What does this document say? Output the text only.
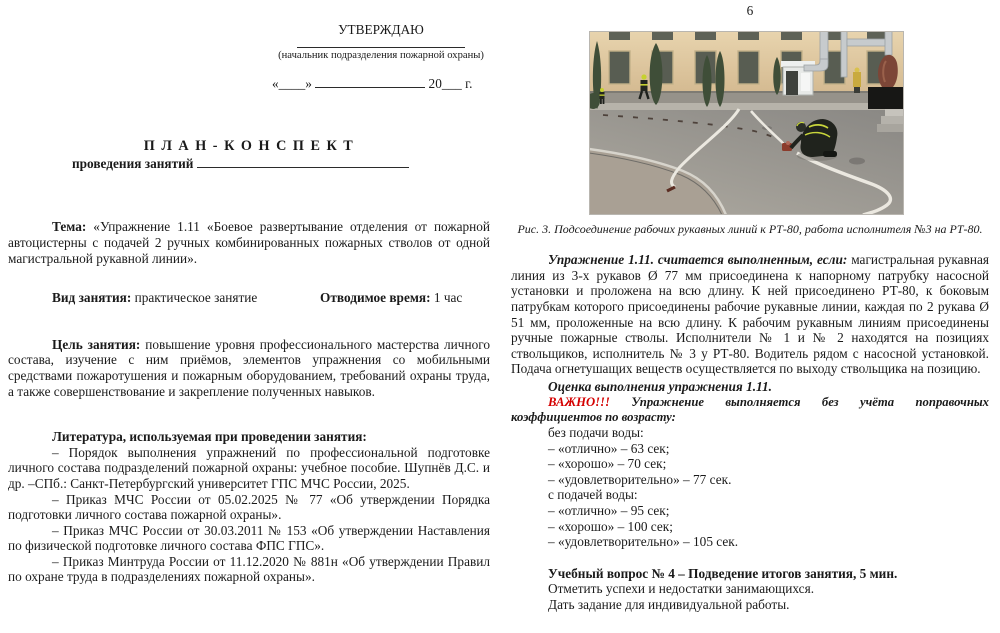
УТВЕРЖДАЮ
(начальник подразделения пожарной охраны)
«____»	20___ г.
П Л А Н - К О Н С П Е К Т
проведения занятий

Тема: «Упражнение 1.11 «Боевое развертывание отделения от пожарной автоцистерны с подачей 2 ручных комбинированных пожарных стволов от одной магистральной рукавной линии».

Вид занятия: практическое занятие	Отводимое время: 1 час

Цель занятия: повышение уровня профессионального мастерства личного состава, изучение с ним приёмов, элементов упражнения со мобильными средствами пожаротушения и пожарным оборудованием, требований охраны труда, а также совершенствование и закрепление полученных навыков.

Литература, используемая при проведении занятия:

– Порядок выполнения упражнений по профессиональной подготовке личного состава подразделений пожарной охраны: учебное пособие. Шупнёв Д.С. и др. –СПб.: Санкт-Петербургский университет ГПС МЧС России, 2025.

– Приказ МЧС России от 05.02.2025 № 77 «Об утверждении Порядка подготовки личного состава пожарной охраны».

– Приказ МЧС России от 30.03.2011 № 153 «Об утверждении Наставления по физической подготовке личного состава ФПС ГПС».

– Приказ Минтруда России от 11.12.2020 № 881н «Об утверждении Правил по охране труда в подразделениях пожарной охраны».

6
Рис. 3. Подсоединение рабочих рукавных линий к РТ-80, работа исполнителя №3 на РТ-80.

Упражнение 1.11. считается выполненным, если: магистральная рукавная линия из 3-х рукавов Ø 77 мм присоединена к напорному патрубку насосной установки и проложена на всю длину. К ней присоединено РТ-80, к боковым патрубкам которого присоединены рабочие рукавные линии, каждая по 2 рукава Ø 51 мм, проложенные на всю длину. К рабочим рукавным линиям присоединены ручные пожарные стволы. Исполнители № 1 и № 2 находятся на позициях ствольщиков, исполнитель № 3 у РТ-80. Водитель рядом с насосной установкой. Подача огнетушащих веществ осуществляется по выходу ствольщика на позицию.

Оценка выполнения упражнения 1.11.

ВАЖНО!!! Упражнение выполняется без учёта поправочных коэффициентов по возрасту:

без подачи воды:
– «отлично» – 63 сек;
– «хорошо» – 70 сек;
– «удовлетворительно» – 77 сек.
с подачей воды:
– «отлично» – 95 сек;
– «хорошо» – 100 сек;
– «удовлетворительно» – 105 сек.
Учебный вопрос № 4 – Подведение итогов занятия, 5 мин.
Отметить успехи и недостатки занимающихся.
Дать задание для индивидуальной работы.
